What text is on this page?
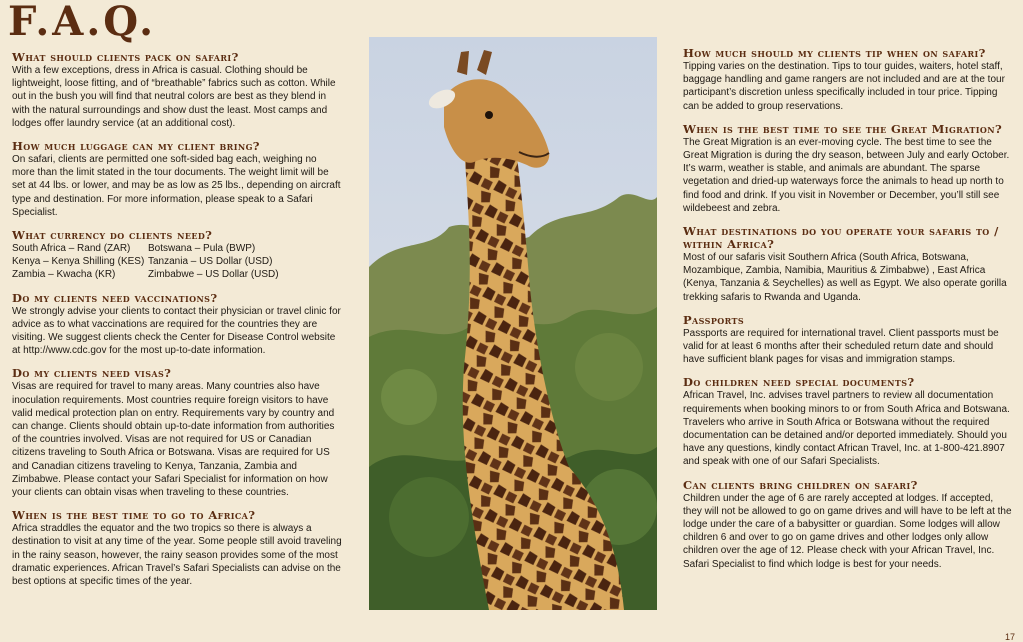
F.A.Q.

What should clients pack on safari?

With a few exceptions, dress in Africa is casual. Clothing should be lightweight, loose fitting, and of “breathable” fabrics such as cotton. While out in the bush you will find that neutral colors are best as they blend in with the natural surroundings and show dust the least. Most camps and lodges offer laundry service (at an additional cost).

How much luggage can my client bring?

On safari, clients are permitted one soft-sided bag each, weighing no more than the limit stated in the tour documents. The weight limit will be set at 44 lbs. or lower, and may be as low as 25 lbs., depending on aircraft type and destination. For more information, please speak to a Safari Specialist.

What currency do clients need?

South Africa – Rand (ZAR)	Botswana – Pula (BWP)
Kenya – Kenya Shilling (KES) Tanzania – US Dollar (USD)
Zambia – Kwacha (KR)	Zimbabwe – US Dollar (USD)

Do my clients need vaccinations?

We strongly advise your clients to contact their physician or travel clinic for advice as to what vaccinations are required for the countries they are visiting. We suggest clients check the Center for Disease Control website at http://www.cdc.gov for the most up-to-date information.

Do my clients need visas?

Visas are required for travel to many areas. Many countries also have inoculation requirements. Most countries require foreign visitors to have valid medical protection plan on entry. Requirements vary by country and can change. Clients should obtain up-to-date information from authorities of the countries involved. Visas are not required for US or Canadian citizens traveling to South Africa or Botswana. Visas are required for US and Canadian citizens traveling to Kenya, Tanzania, Zambia and Zimbabwe. Please contact your Safari Specialist for information on how your clients can obtain visas when traveling to these countries.

When is the best time to go to Africa?

Africa straddles the equator and the two tropics so there is always a destination to visit at any time of the year. Some people still avoid traveling in the rainy season, however, the rainy season provides some of the most dramatic experiences. African Travel’s Safari Specialists can advise on the best options at specific times of the year.

How much should my clients tip when on safari?

Tipping varies on the destination. Tips to tour guides, waiters, hotel staff, baggage handling and game rangers are not included and are at the tour participant’s discretion unless specifically included in tour price. Tipping can be added to group reservations.

When is the best time to see the Great Migration?

The Great Migration is an ever-moving cycle. The best time to see the Great Migration is during the dry season, between July and early October. It’s warm, weather is stable, and animals are abundant. The sparse vegetation and dried-up waterways force the animals to head up north to find food and drink. If you visit in November or December, you’ll still see wildebeest and zebra.

What destinations do you operate your safaris to / within Africa?

Most of our safaris visit Southern Africa (South Africa, Botswana, Mozambique, Zambia, Namibia, Mauritius & Zimbabwe) , East Africa (Kenya, Tanzania & Seychelles) as well as Egypt. We also operate gorilla trekking safaris to Rwanda and Uganda.

Passports

Passports are required for international travel. Client passports must be valid for at least 6 months after their scheduled return date and should have sufficient blank pages for visas and immigration stamps.

Do children need special documents?

African Travel, Inc. advises travel partners to review all documentation requirements when booking minors to or from South Africa and Botswana. Travelers who arrive in South Africa or Botswana without the required documentation can be detained and/or deported immediately. Should you have any questions, kindly contact African Travel, Inc. at 1-800-421.8907 and speak with one of our Safari Specialists.

Can clients bring children on safari?

Children under the age of 6 are rarely accepted at lodges. If accepted, they will not be allowed to go on game drives and will have to be left at the lodge under the care of a babysitter or guardian. Some lodges will allow children 6 and over to go on game drives and other lodges only allow children over the age of 12. Please check with your African Travel, Inc. Safari Specialist to find which lodge is best for your needs.

17
